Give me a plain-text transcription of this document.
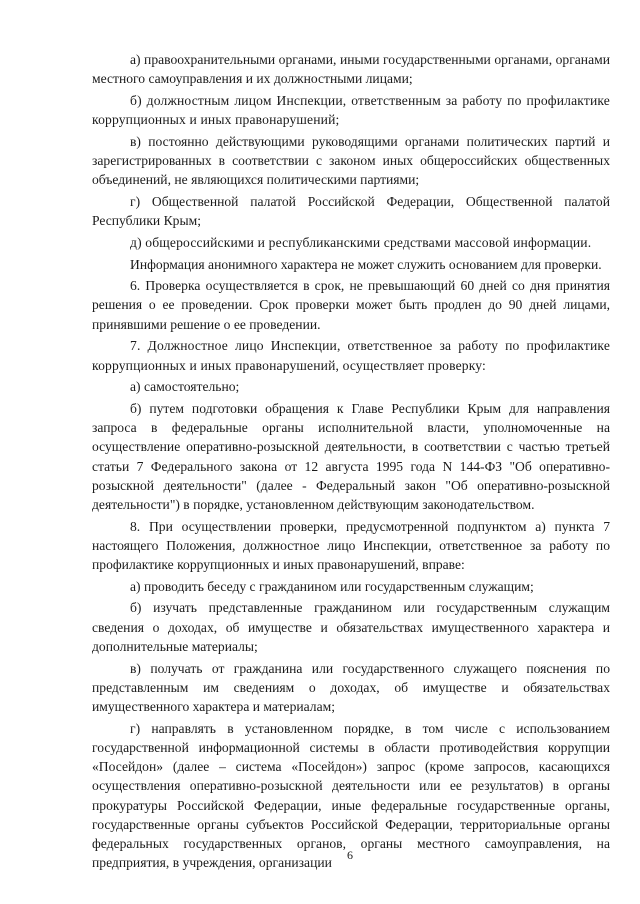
а) правоохранительными органами, иными государственными органами, органами местного самоуправления и их должностными лицами;

б) должностным лицом Инспекции, ответственным за работу по профилактике коррупционных и иных правонарушений;

в) постоянно действующими руководящими органами политических партий и зарегистрированных в соответствии с законом иных общероссийских общественных объединений, не являющихся политическими партиями;

г) Общественной палатой Российской Федерации, Общественной палатой Республики Крым;

д) общероссийскими и республиканскими средствами массовой информации.

Информация анонимного характера не может служить основанием для проверки.

6. Проверка осуществляется в срок, не превышающий 60 дней со дня принятия решения о ее проведении. Срок проверки может быть продлен до 90 дней лицами, принявшими решение о ее проведении.

7. Должностное лицо Инспекции, ответственное за работу по профилактике коррупционных и иных правонарушений, осуществляет проверку:

а) самостоятельно;

б) путем подготовки обращения к Главе Республики Крым для направления запроса в федеральные органы исполнительной власти, уполномоченные на осуществление оперативно-розыскной деятельности, в соответствии с частью третьей статьи 7 Федерального закона от 12 августа 1995 года N 144-ФЗ "Об оперативно-розыскной деятельности" (далее - Федеральный закон "Об оперативно-розыскной деятельности") в порядке, установленном действующим законодательством.

8. При осуществлении проверки, предусмотренной подпунктом а) пункта 7 настоящего Положения, должностное лицо Инспекции, ответственное за работу по профилактике коррупционных и иных правонарушений, вправе:

а) проводить беседу с гражданином или государственным служащим;

б) изучать представленные гражданином или государственным служащим сведения о доходах, об имуществе и обязательствах имущественного характера и дополнительные материалы;

в) получать от гражданина или государственного служащего пояснения по представленным им сведениям о доходах, об имуществе и обязательствах имущественного характера и материалам;

г) направлять в установленном порядке, в том числе с использованием государственной информационной системы в области противодействия коррупции «Посейдон» (далее – система «Посейдон») запрос (кроме запросов, касающихся осуществления оперативно-розыскной деятельности или ее результатов) в органы прокуратуры Российской Федерации, иные федеральные государственные органы, государственные органы субъектов Российской Федерации, территориальные органы федеральных государственных органов, органы местного самоуправления, на предприятия, в учреждения, организации

6
